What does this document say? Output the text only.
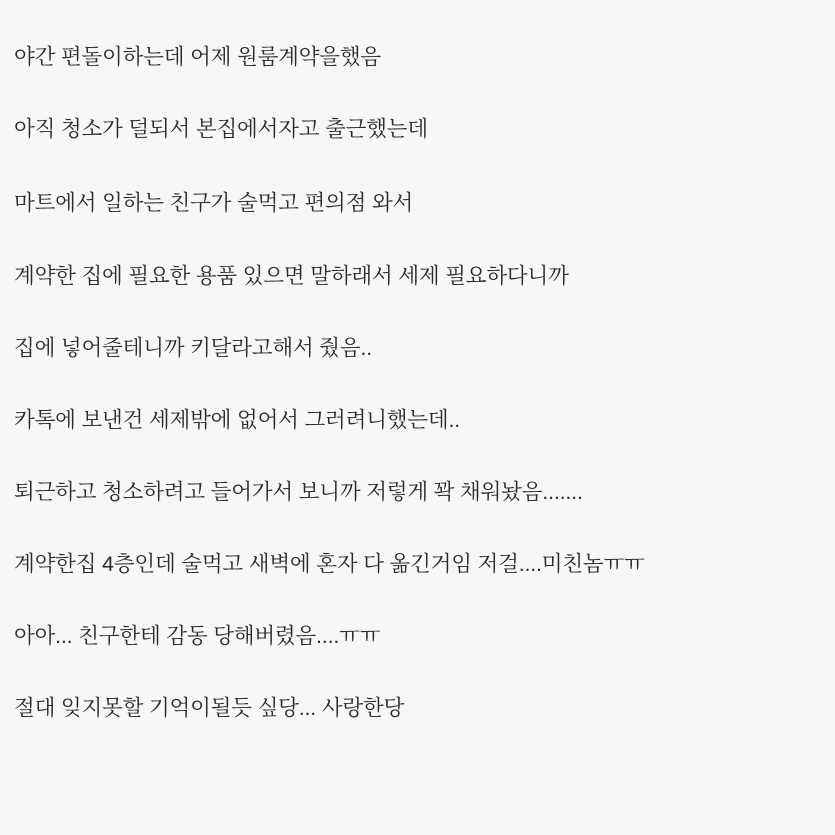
야간 편돌이하는데 어제 원룸계약을했음

아직 청소가 덜되서 본집에서자고 출근했는데

마트에서 일하는 친구가 술먹고 편의점 와서

계약한 집에 필요한 용품 있으면 말하래서 세제 필요하다니까

집에 넣어줄테니까 키달라고해서 줬음..

카톡에 보낸건 세제밖에 없어서 그러려니했는데..

퇴근하고 청소하려고 들어가서 보니까 저렇게 꽉 채워놨음.......

계약한집 4층인데 술먹고 새벽에 혼자 다 옮긴거임 저걸....미친놈ㅠㅠ

아아... 친구한테 감동 당해버렸음....ㅠㅠ

절대 잊지못할 기억이될듯 싶당... 사랑한당
